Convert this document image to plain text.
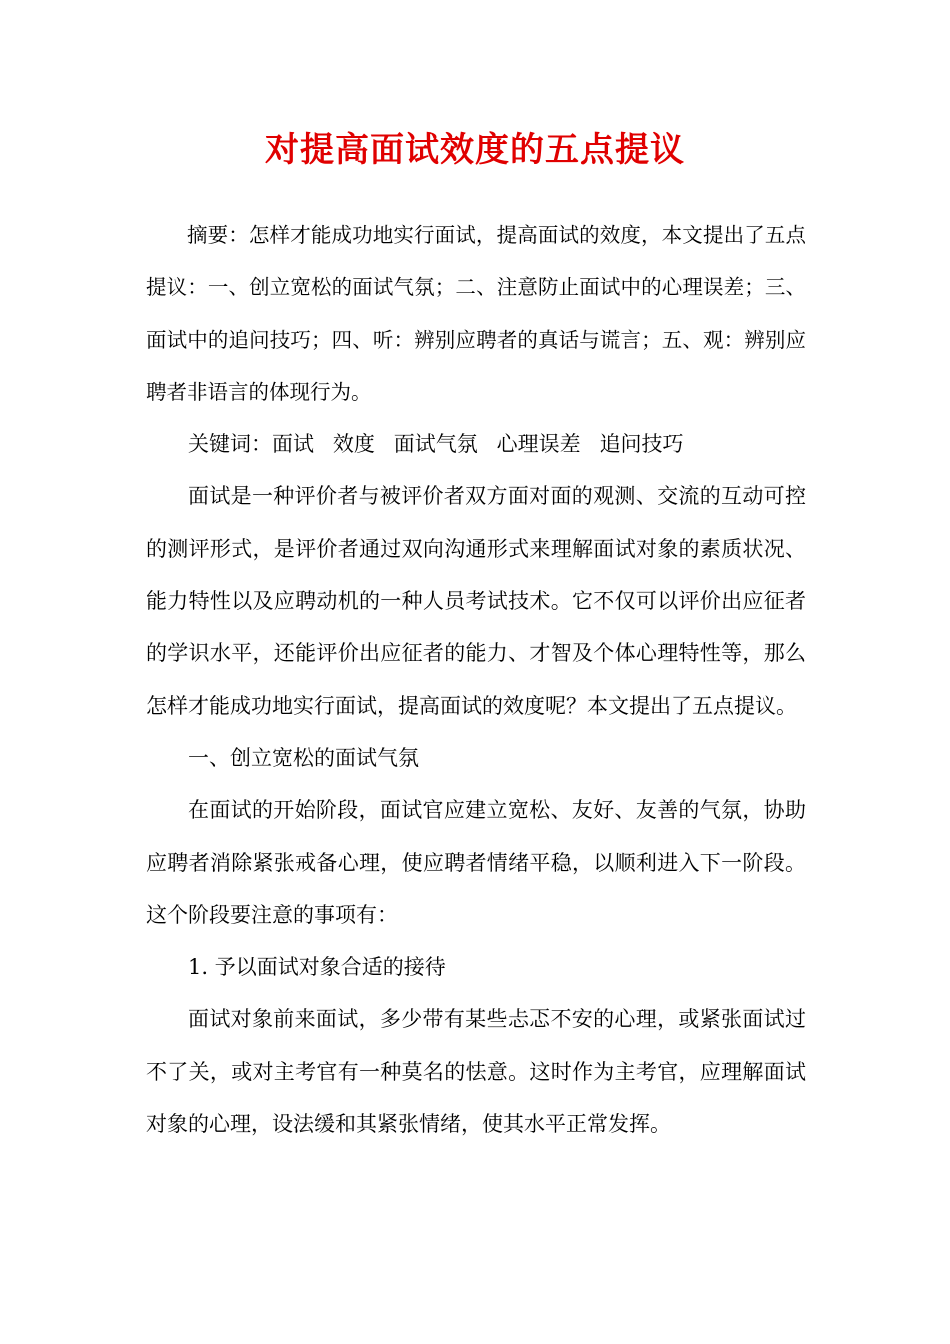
对提高面试效度的五点提议

摘要：怎样才能成功地实行面试，提高面试的效度，本文提出了五点提议：一、创立宽松的面试气氛；二、注意防止面试中的心理误差；三、面试中的追问技巧；四、听：辨别应聘者的真话与谎言；五、观：辨别应聘者非语言的体现行为。

关键词：面试 效度 面试气氛 心理误差 追问技巧

面试是一种评价者与被评价者双方面对面的观测、交流的互动可控的测评形式，是评价者通过双向沟通形式来理解面试对象的素质状况、能力特性以及应聘动机的一种人员考试技术。它不仅可以评价出应征者的学识水平，还能评价出应征者的能力、才智及个体心理特性等，那么怎样才能成功地实行面试，提高面试的效度呢？本文提出了五点提议。

一、创立宽松的面试气氛

在面试的开始阶段，面试官应建立宽松、友好、友善的气氛，协助应聘者消除紧张戒备心理，使应聘者情绪平稳，以顺利进入下一阶段。这个阶段要注意的事项有：

1. 予以面试对象合适的接待

面试对象前来面试，多少带有某些忐忑不安的心理，或紧张面试过不了关，或对主考官有一种莫名的怯意。这时作为主考官，应理解面试对象的心理，设法缓和其紧张情绪，使其水平正常发挥。
